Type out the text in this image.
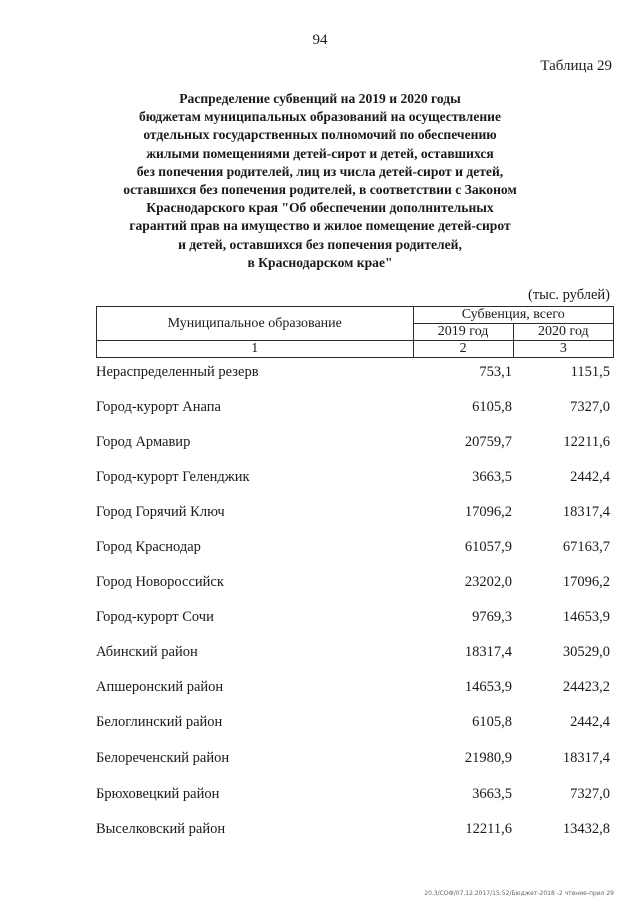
94
Таблица 29
Распределение субвенций на 2019 и 2020 годы
бюджетам муниципальных образований на осуществление
отдельных государственных полномочий по обеспечению
жилыми помещениями детей-сирот и детей, оставшихся
без попечения родителей, лиц из числа детей-сирот и детей,
оставшихся без попечения родителей, в соответствии с Законом
Краснодарского края "Об обеспечении дополнительных
гарантий прав на имущество и жилое помещение детей-сирот
и детей, оставшихся без попечения родителей,
в Краснодарском крае"
(тыс. рублей)
Муниципальное образование	Субвенция, всего	
	2019 год	2020 год
1	2	3
Нераспределенный резерв	753,1	1151,5
Город-курорт Анапа	6105,8	7327,0
Город Армавир	20759,7	12211,6
Город-курорт Геленджик	3663,5	2442,4
Город Горячий Ключ	17096,2	18317,4
Город Краснодар	61057,9	67163,7
Город Новороссийск	23202,0	17096,2
Город-курорт Сочи	9769,3	14653,9
Абинский район	18317,4	30529,0
Апшеронский район	14653,9	24423,2
Белоглинский район	6105,8	2442,4
Белореченский район	21980,9	18317,4
Брюховецкий район	3663,5	7327,0
Выселковский район	12211,6	13432,8
20.3/СОФ/07.12.2017/15:52/Бюджет-2018 -2 чтение-прил 29
